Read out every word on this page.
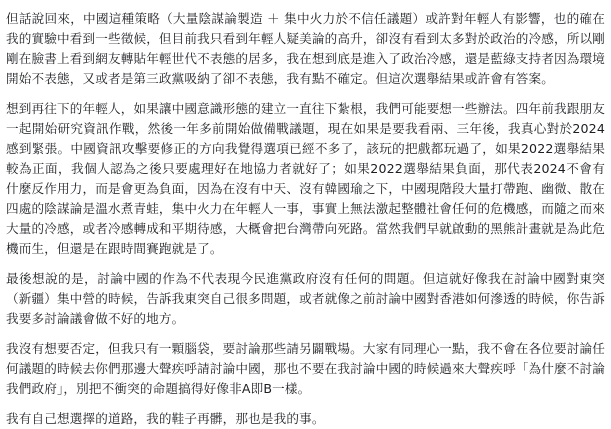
但話說回來，中國這種策略（大量陰謀論製造 ＋ 集中火力於不信任議題）或許對年輕人有影響，也的確在我的實驗中看到一些徵候，但目前我只看到年輕人疑美論的高升，卻沒有看到太多對於政治的冷感，所以剛剛在臉書上看到網友轉貼年輕世代不表態的居多，我在想到底是進入了政治冷感，還是藍綠支持者因為環境開始不表態，又或者是第三政黨吸納了卻不表態，我有點不確定。但這次選舉結果或許會有答案。

想到再往下的年輕人，如果讓中國意識形態的建立一直往下紮根，我們可能要想一些辦法。四年前我跟朋友一起開始研究資訊作戰，然後一年多前開始做備戰議題，現在如果是要我看兩、三年後，我真心對於2024感到緊張。中國資訊攻擊要修正的方向我覺得選項已經不多了，該玩的把戲都玩過了，如果2022選舉結果較為正面，我個人認為之後只要處理好在地協力者就好了；如果2022選舉結果負面，那代表2024不會有什麼反作用力，而是會更為負面，因為在沒有中天、沒有韓國瑜之下，中國現階段大量打帶跑、幽微、散在四處的陰謀論是溫水煮青蛙，集中火力在年輕人一事，事實上無法激起整體社會任何的危機感，而隨之而來大量的冷感，或者冷感轉成和平期待感，大概會把台灣帶向死路。當然我們早就啟動的黑熊計畫就是為此危機而生，但還是在跟時間賽跑就是了。

最後想說的是，討論中國的作為不代表現今民進黨政府沒有任何的問題。但這就好像我在討論中國對東突（新疆）集中營的時候，告訴我東突自己很多問題，或者就像之前討論中國對香港如何滲透的時候，你告訴我要多討論議會做不好的地方。

我沒有想要否定，但我只有一顆腦袋，要討論那些請另闢戰場。大家有同理心一點，我不會在各位要討論任何議題的時候去你們那邊大聲疾呼請討論中國，那也不要在我討論中國的時候過來大聲疾呼「為什麼不討論我們政府」，別把不衝突的命題搞得好像非A即B一樣。

我有自己想選擇的道路，我的鞋子再髒，那也是我的事。
